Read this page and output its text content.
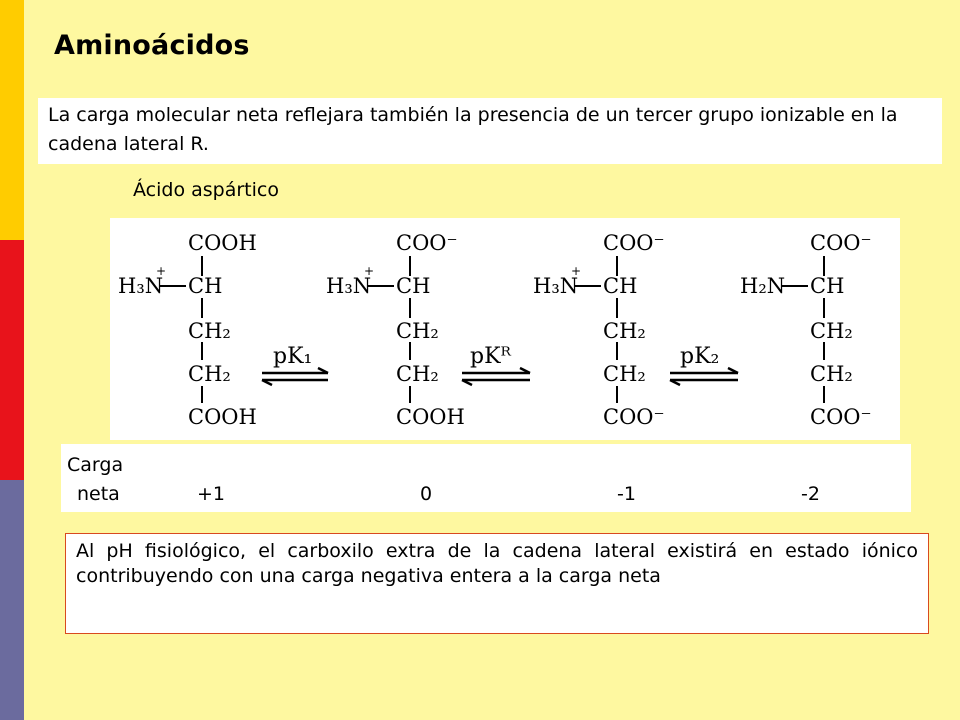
Aminoácidos
La carga molecular neta reflejara también la presencia de un tercer grupo ionizable en la cadena lateral R.
Ácido aspártico
COOH
+
H₃N CH
CH₂
CH₂
COOH
pK₁
COO⁻
+
H₃N CH
CH₂
CH₂
COOH
pKᴿ
COO⁻
+
H₃N CH
CH₂
CH₂
COO⁻
pK₂
COO⁻
H₂N CH
CH₂
CH₂
COO⁻
Carga
neta	+1	0	-1	-2
Al pH fisiológico, el carboxilo extra de la cadena lateral existirá en estado iónico contribuyendo con una carga negativa entera a la carga neta
